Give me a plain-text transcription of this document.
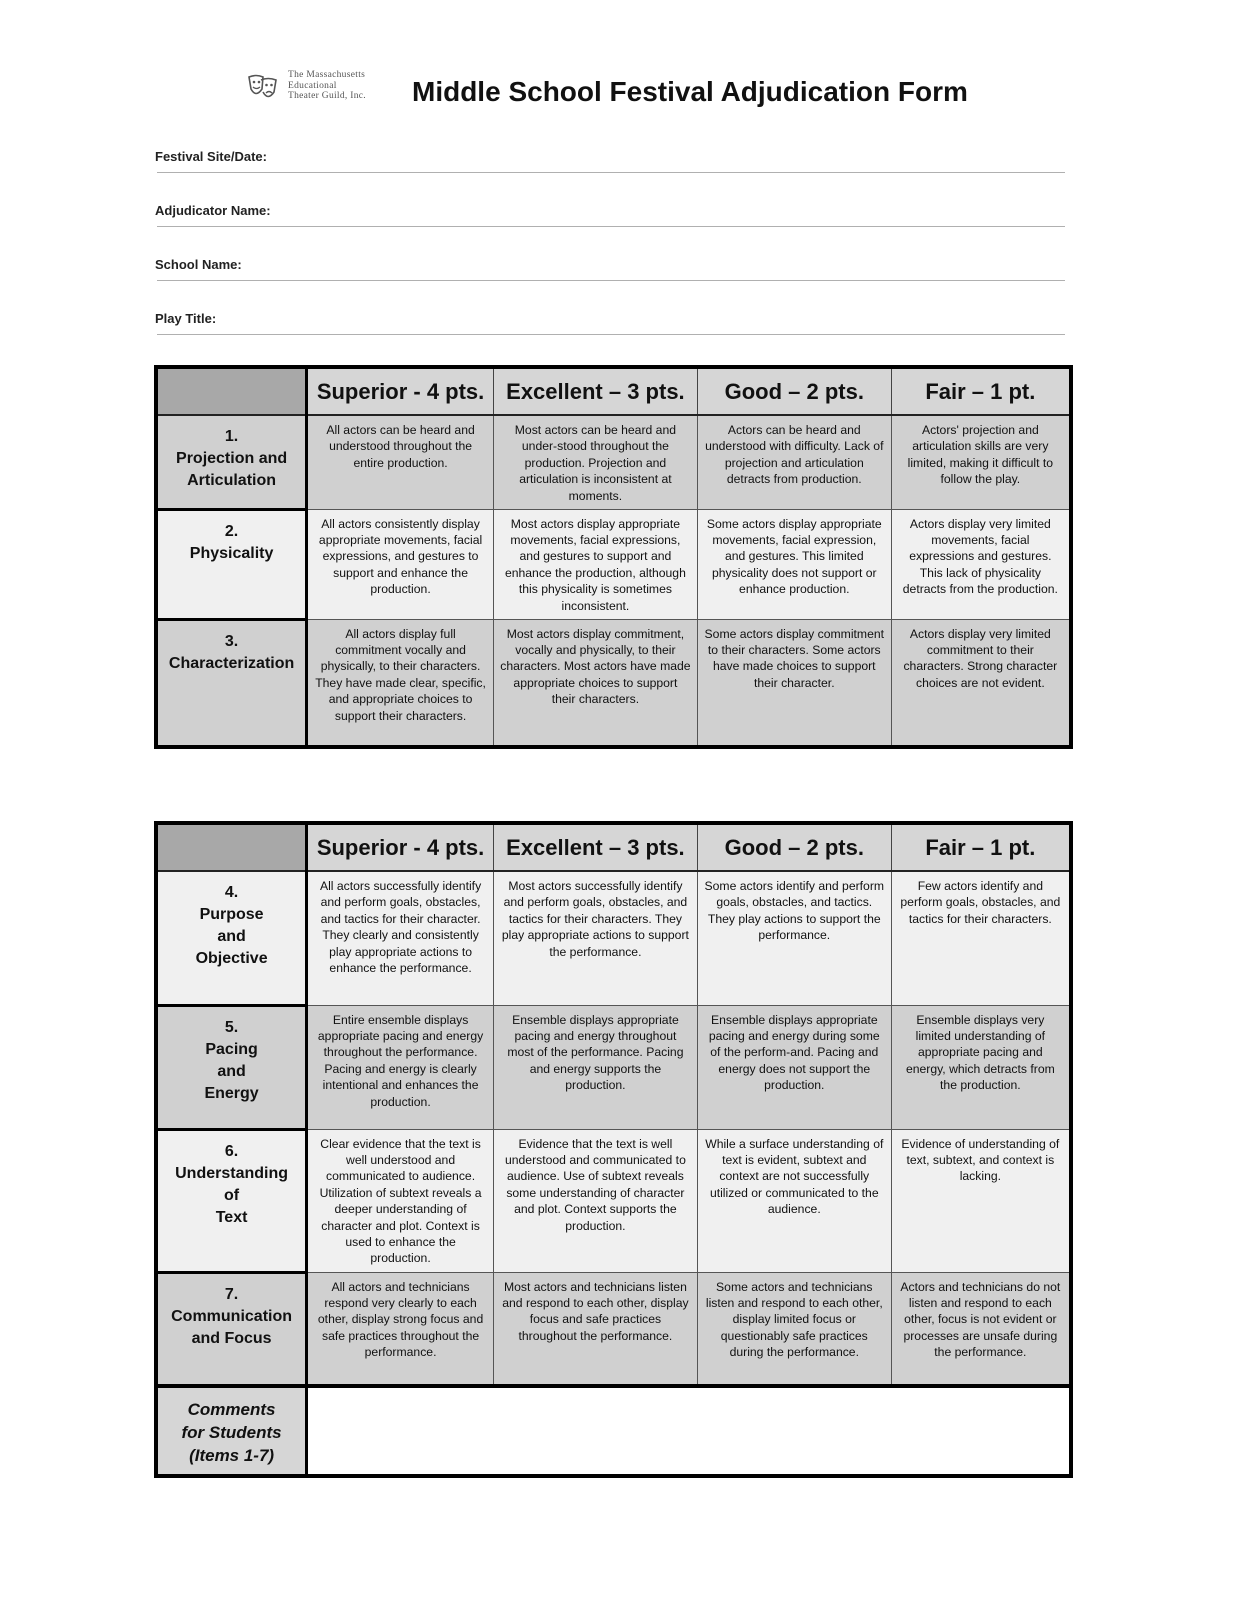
The Massachusetts
Educational
Theater Guild, Inc. Middle School Festival Adjudication Form
Festival Site/Date:
Adjudicator Name:
School Name:
Play Title:
	Superior - 4 pts.	Excellent – 3 pts.	Good – 2 pts.	Fair – 1 pt.

1.
Projection and
Articulation	All actors can be heard and understood throughout the entire production.	Most actors can be heard and under-stood throughout the production. Projection and articulation is inconsistent at moments.	Actors can be heard and understood with difficulty. Lack of projection and articulation detracts from production.	Actors' projection and articulation skills are very limited, making it difficult to follow the play.

2.
Physicality	All actors consistently display appropriate movements, facial expressions, and gestures to support and enhance the production.	Most actors display appropriate movements, facial expressions, and gestures to support and enhance the production, although this physicality is sometimes inconsistent.	Some actors display appropriate movements, facial expression, and gestures. This limited physicality does not support or enhance production.	Actors display very limited movements, facial expressions and gestures. This lack of physicality detracts from the production.

3.
Characterization	All actors display full commitment vocally and physically, to their characters. They have made clear, specific, and appropriate choices to support their characters.	Most actors display commitment, vocally and physically, to their characters. Most actors have made appropriate choices to support their characters.	Some actors display commitment to their characters. Some actors have made choices to support their character.	Actors display very limited commitment to their characters. Strong character choices are not evident.
	Superior - 4 pts.	Excellent – 3 pts.	Good – 2 pts.	Fair – 1 pt.

4.
Purpose
and
Objective	All actors successfully identify and perform goals, obstacles, and tactics for their character. They clearly and consistently play appropriate actions to enhance the performance.	Most actors successfully identify and perform goals, obstacles, and tactics for their characters. They play appropriate actions to support the performance.	Some actors identify and perform goals, obstacles, and tactics. They play actions to support the performance.	Few actors identify and perform goals, obstacles, and tactics for their characters.

5.
Pacing
and
Energy	Entire ensemble displays appropriate pacing and energy throughout the performance. Pacing and energy is clearly intentional and enhances the production.	Ensemble displays appropriate pacing and energy throughout most of the performance. Pacing and energy supports the production.	Ensemble displays appropriate pacing and energy during some of the perform-and. Pacing and energy does not support the production.	Ensemble displays very limited understanding of appropriate pacing and energy, which detracts from the production.

6.
Understanding
of
Text	Clear evidence that the text is well understood and communicated to audience. Utilization of subtext reveals a deeper understanding of character and plot. Context is used to enhance the production.	Evidence that the text is well understood and communicated to audience. Use of subtext reveals some understanding of character and plot. Context supports the production.	While a surface understanding of text is evident, subtext and context are not successfully utilized or communicated to the audience.	Evidence of understanding of text, subtext, and context is lacking.

7.
Communication
and Focus	All actors and technicians respond very clearly to each other, display strong focus and safe practices throughout the performance.	Most actors and technicians listen and respond to each other, display focus and safe practices throughout the performance.	Some actors and technicians listen and respond to each other, display limited focus or questionably safe practices during the performance.	Actors and technicians do not listen and respond to each other, focus is not evident or processes are unsafe during the performance.

Comments
for Students
(Items 1-7)				
